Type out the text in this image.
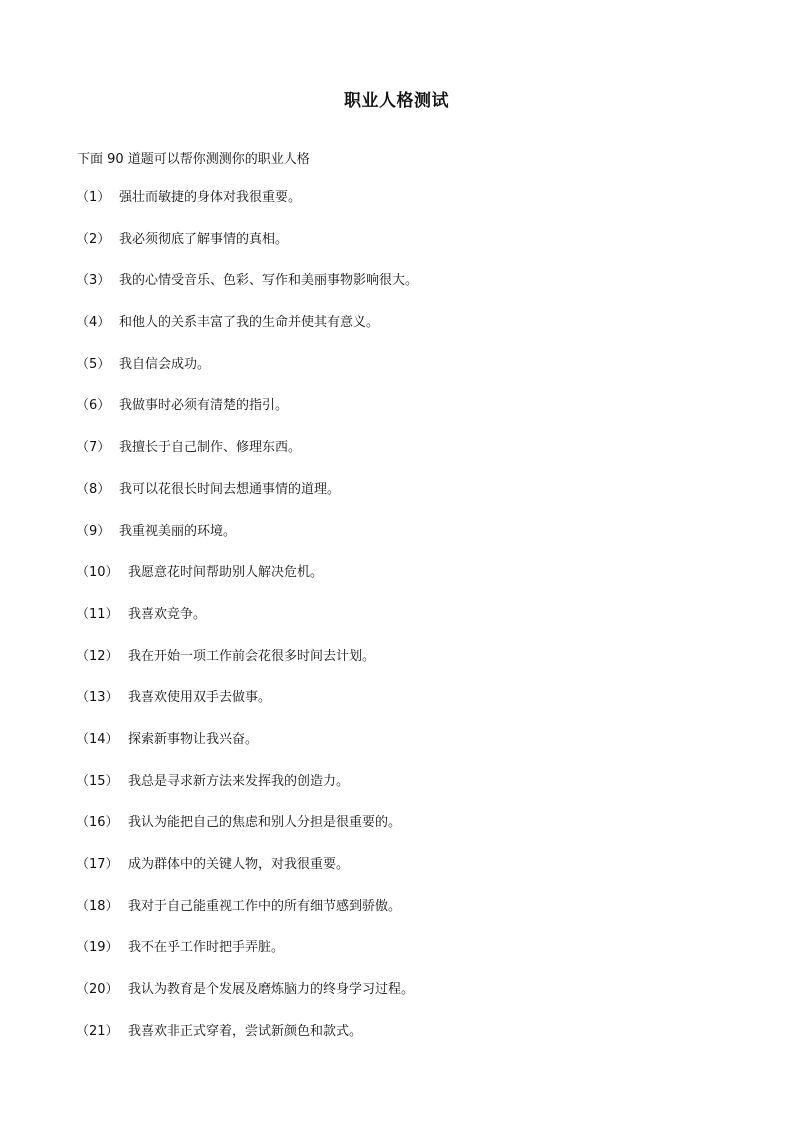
职业人格测试

下面 90 道题可以帮你测测你的职业人格

（1） 强壮而敏捷的身体对我很重要。
（2） 我必须彻底了解事情的真相。
（3） 我的心情受音乐、色彩、写作和美丽事物影响很大。
（4） 和他人的关系丰富了我的生命并使其有意义。
（5） 我自信会成功。
（6） 我做事时必须有清楚的指引。
（7） 我擅长于自己制作、修理东西。
（8） 我可以花很长时间去想通事情的道理。
（9） 我重视美丽的环境。
（10） 我愿意花时间帮助别人解决危机。
（11） 我喜欢竞争。
（12） 我在开始一项工作前会花很多时间去计划。
（13） 我喜欢使用双手去做事。
（14） 探索新事物让我兴奋。
（15） 我总是寻求新方法来发挥我的创造力。
（16） 我认为能把自己的焦虑和别人分担是很重要的。
（17） 成为群体中的关键人物，对我很重要。
（18） 我对于自己能重视工作中的所有细节感到骄傲。
（19） 我不在乎工作时把手弄脏。
（20） 我认为教育是个发展及磨炼脑力的终身学习过程。
（21） 我喜欢非正式穿着，尝试新颜色和款式。
